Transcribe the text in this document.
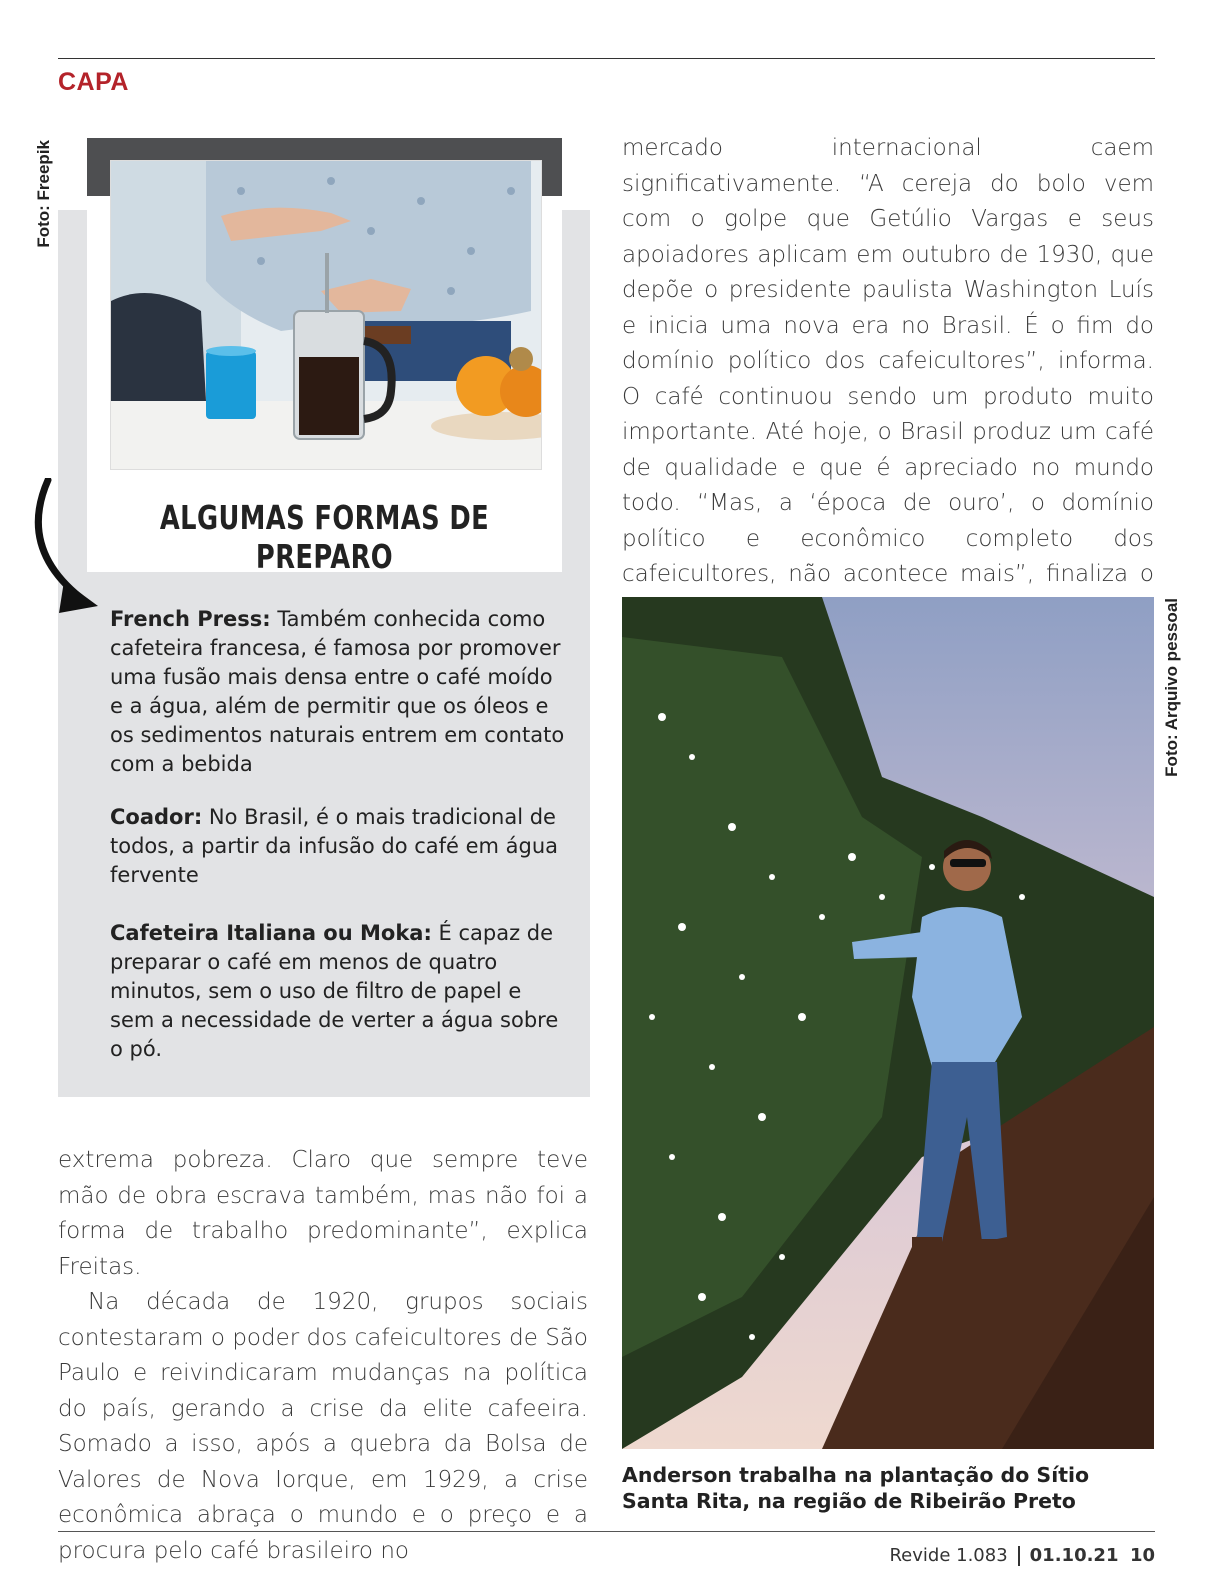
CAPA
Foto: Freepik
ALGUMAS FORMAS DE PREPARO
French Press: Também conhecida como cafeteira francesa, é famosa por promover uma fusão mais densa entre o café moído e a água, além de permitir que os óleos e os sedimentos naturais entrem em contato com a bebida
Coador: No Brasil, é o mais tradicional de todos, a partir da infusão do café em água fervente
Cafeteira Italiana ou Moka: É capaz de preparar o café em menos de quatro minutos, sem o uso de filtro de papel e sem a necessidade de verter a água sobre o pó.

extrema pobreza. Claro que sempre teve mão de obra escrava também, mas não foi a forma de trabalho predominante”, explica Freitas.

Na década de 1920, grupos sociais contestaram o poder dos cafeicultores de São Paulo e reivindicaram mudanças na política do país, gerando a crise da elite cafeeira. Somado a isso, após a quebra da Bolsa de Valores de Nova Iorque, em 1929, a crise econômica abraça o mundo e o preço e a procura pelo café brasileiro no

mercado internacional caem significativamente. “A cereja do bolo vem com o golpe que Getúlio Vargas e seus apoiadores aplicam em outubro de 1930, que depõe o presidente paulista Washington Luís e inicia uma nova era no Brasil. É o fim do domínio político dos cafeicultores”, informa. O café continuou sendo um produto muito importante. Até hoje, o Brasil produz um café de qualidade e que é apreciado no mundo todo. “Mas, a ‘época de ouro’, o domínio político e econômico completo dos cafeicultores, não acontece mais”, finaliza o

Foto: Arquivo pessoal
Anderson trabalha na plantação do Sítio Santa Rita, na região de Ribeirão Preto
Revide 1.083 01.10.21 10
